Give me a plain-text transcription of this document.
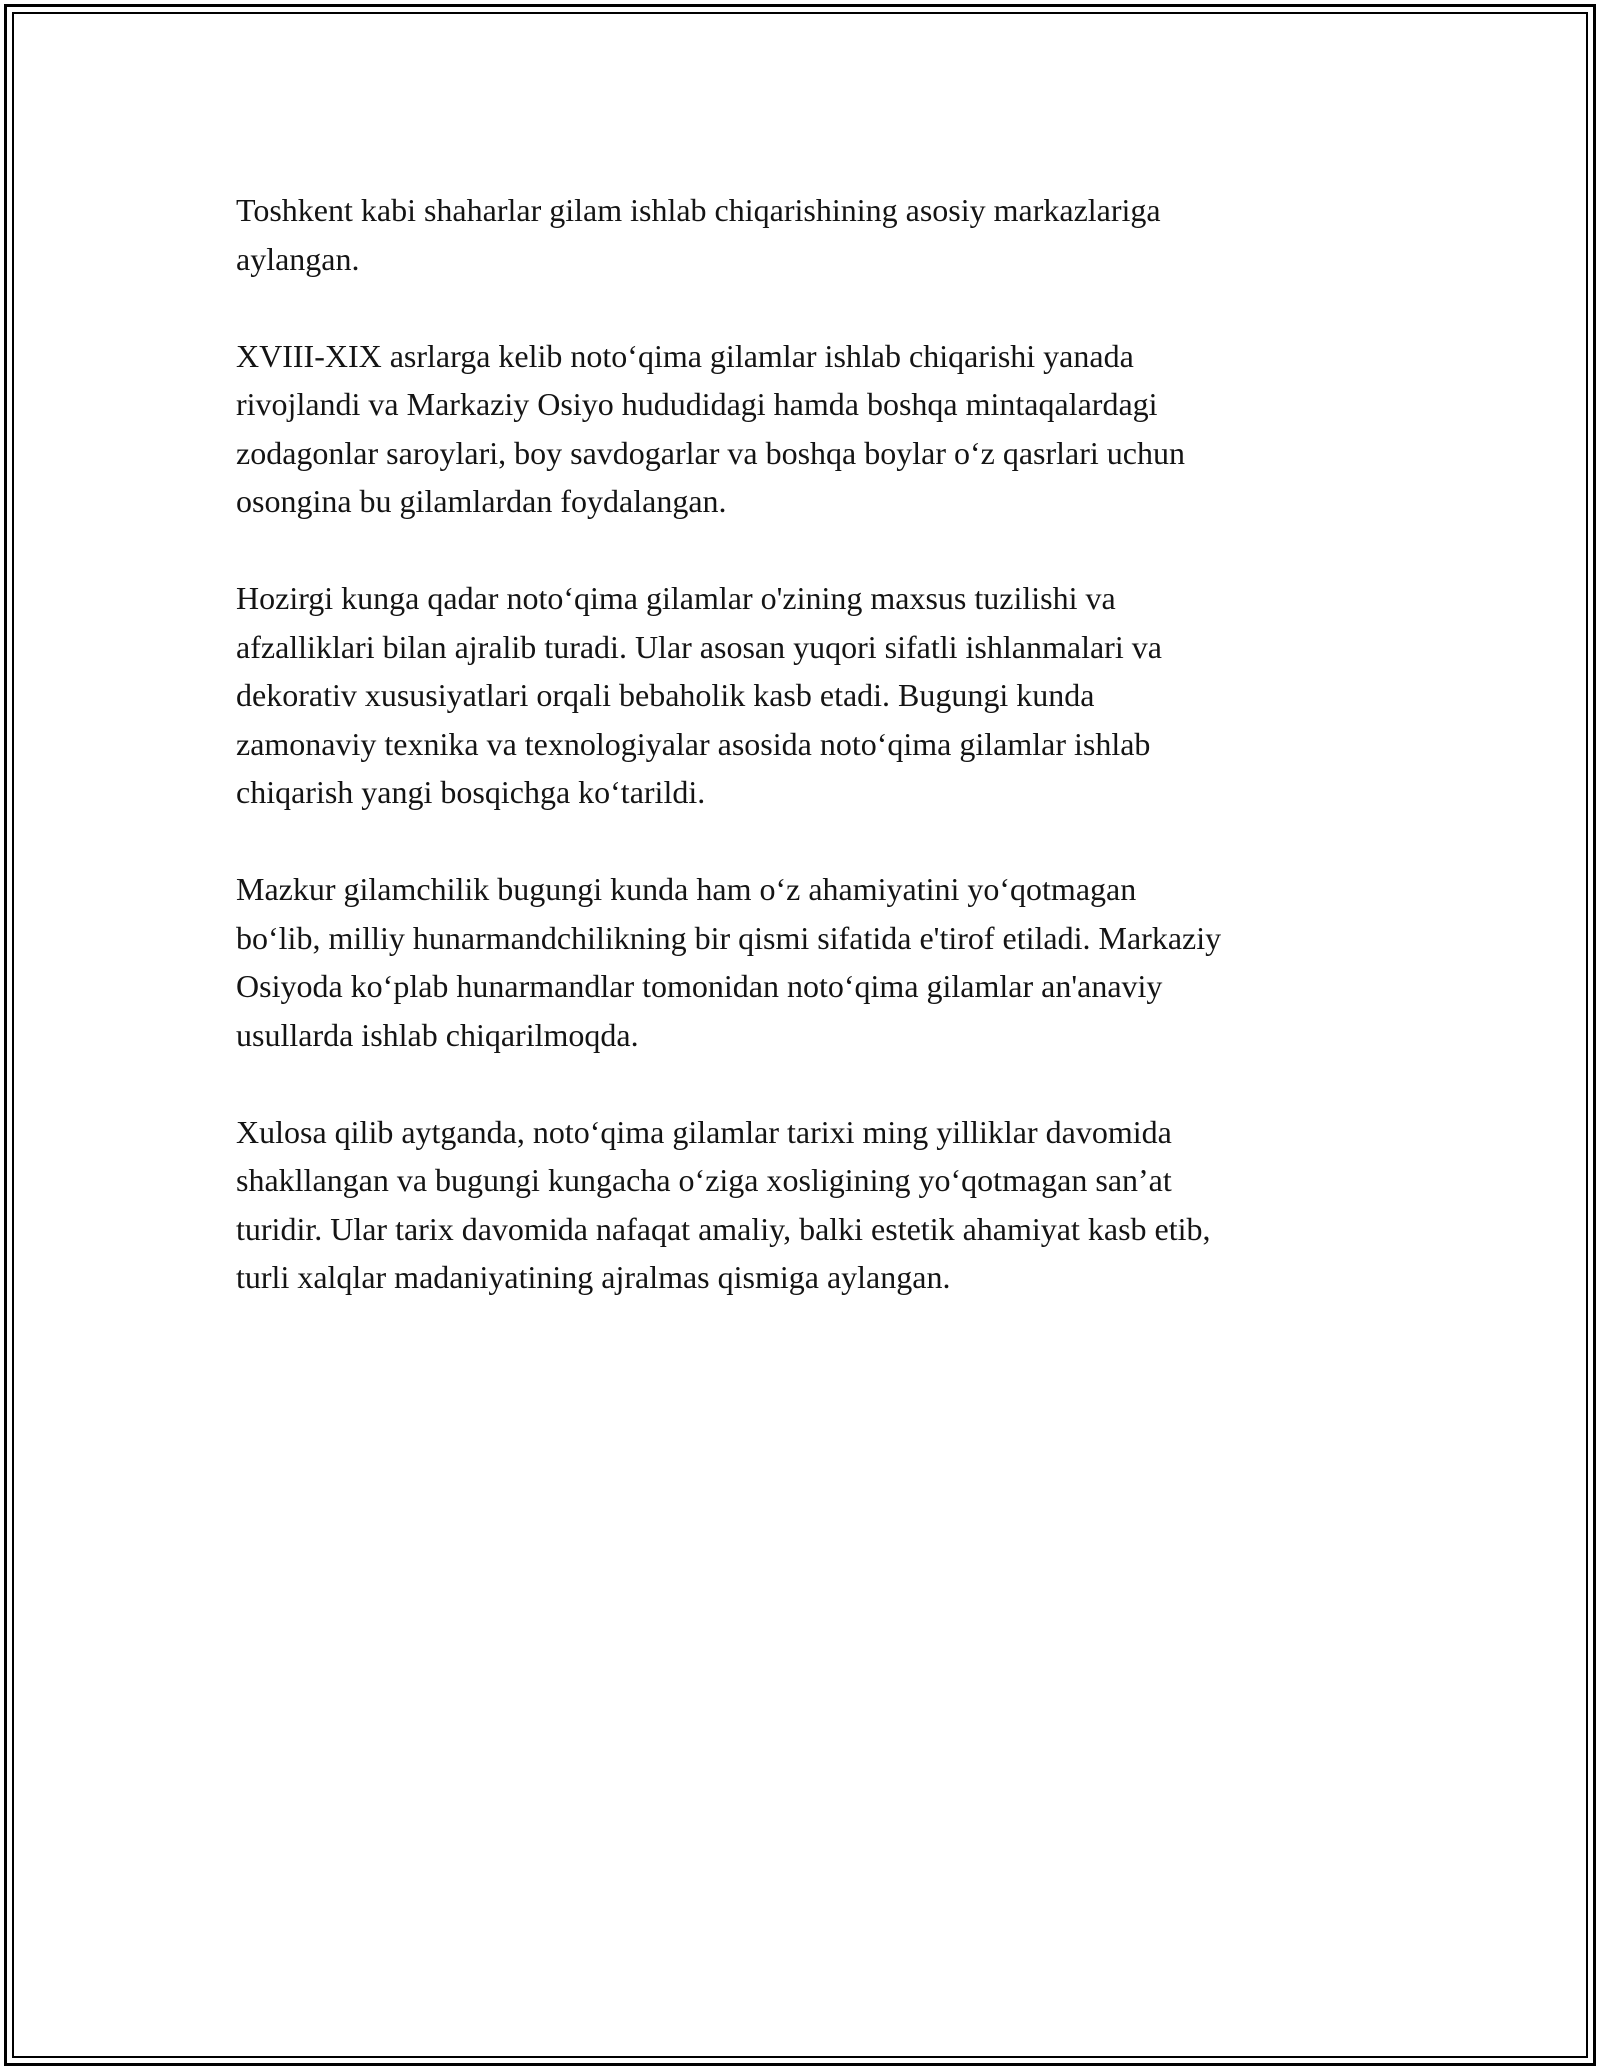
Toshkent kabi shaharlar gilam ishlab chiqarishining asosiy markazlariga
aylangan.

XVIII-XIX asrlarga kelib noto‘qima gilamlar ishlab chiqarishi yanada
rivojlandi va Markaziy Osiyo hududidagi hamda boshqa mintaqalardagi
zodagonlar saroylari, boy savdogarlar va boshqa boylar o‘z qasrlari uchun
osongina bu gilamlardan foydalangan.

Hozirgi kunga qadar noto‘qima gilamlar o'zining maxsus tuzilishi va
afzalliklari bilan ajralib turadi. Ular asosan yuqori sifatli ishlanmalari va
dekorativ xususiyatlari orqali bebaholik kasb etadi. Bugungi kunda
zamonaviy texnika va texnologiyalar asosida noto‘qima gilamlar ishlab
chiqarish yangi bosqichga ko‘tarildi.

Mazkur gilamchilik bugungi kunda ham o‘z ahamiyatini yo‘qotmagan
bo‘lib, milliy hunarmandchilikning bir qismi sifatida e'tirof etiladi. Markaziy
Osiyoda ko‘plab hunarmandlar tomonidan noto‘qima gilamlar an'anaviy
usullarda ishlab chiqarilmoqda.

Xulosa qilib aytganda, noto‘qima gilamlar tarixi ming yilliklar davomida
shakllangan va bugungi kungacha o‘ziga xosligining yo‘qotmagan san’at
turidir. Ular tarix davomida nafaqat amaliy, balki estetik ahamiyat kasb etib,
turli xalqlar madaniyatining ajralmas qismiga aylangan.
